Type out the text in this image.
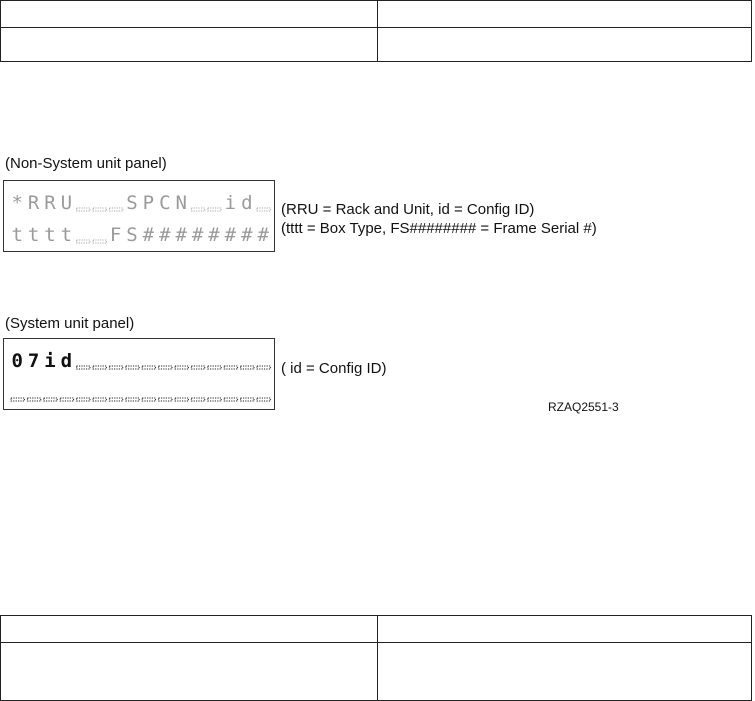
(Non-System unit panel)
* R R U	S P C N i d
t t t t F S # # # # # # # #
(RRU = Rack and Unit, id = Config ID)
(tttt = Box Type, FS######## = Frame Serial #)
(System unit panel)
0 7 i d	( id = Config ID)
RZAQ2551-3
